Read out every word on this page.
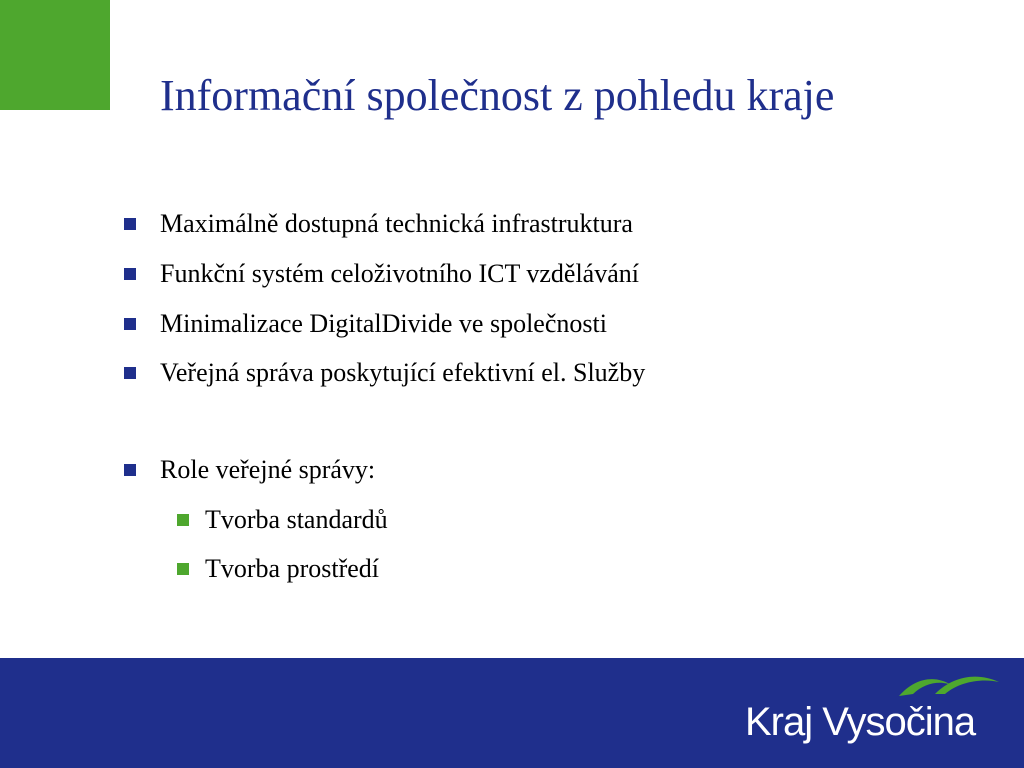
Informační společnost z pohledu kraje
Maximálně dostupná technická infrastruktura
Funkční systém celoživotního ICT vzdělávání
Minimalizace DigitalDivide ve společnosti
Veřejná správa poskytující efektivní el. Služby
Role veřejné správy:
Tvorba standardů
Tvorba prostředí
Kraj Vysočina
